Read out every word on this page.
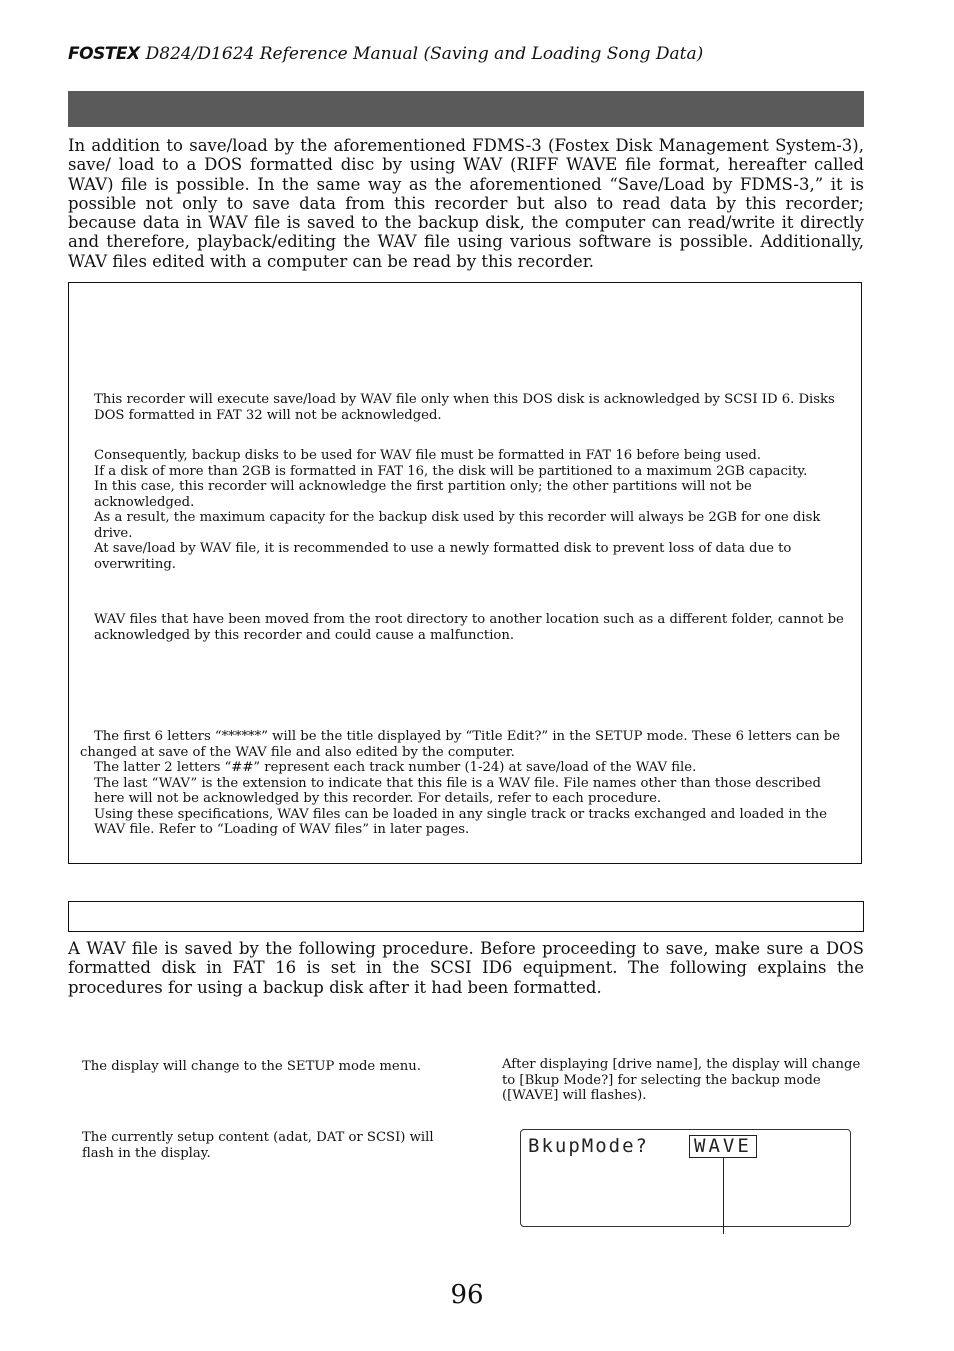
FOSTEX D824/D1624 Reference Manual (Saving and Loading Song Data)
In addition to save/load by the aforementioned FDMS-3 (Fostex Disk Management System-3), save/ load to a DOS formatted disc by using WAV (RIFF WAVE file format, hereafter called WAV) file is possible. In the same way as the aforementioned “Save/Load by FDMS-3,” it is possible not only to save data from this recorder but also to read data by this recorder; because data in WAV file is saved to the backup disk, the computer can read/write it directly and therefore, playback/editing the WAV file using various software is possible. Additionally, WAV files edited with a computer can be read by this recorder.
This recorder will execute save/load by WAV file only when this DOS disk is acknowledged by SCSI ID 6. Disks DOS formatted in FAT 32 will not be acknowledged.
Consequently, backup disks to be used for WAV file must be formatted in FAT 16 before being used.
If a disk of more than 2GB is formatted in FAT 16, the disk will be partitioned to a maximum 2GB capacity.
In this case, this recorder will acknowledge the first partition only; the other partitions will not be acknowledged.
As a result, the maximum capacity for the backup disk used by this recorder will always be 2GB for one disk drive.
At save/load by WAV file, it is recommended to use a newly formatted disk to prevent loss of data due to overwriting.
WAV files that have been moved from the root directory to another location such as a different folder, cannot be acknowledged by this recorder and could cause a malfunction.
The first 6 letters “******” will be the title displayed by “Title Edit?” in the SETUP mode. These 6 letters can be
changed at save of the WAV file and also edited by the computer.
The latter 2 letters “##” represent each track number (1-24) at save/load of the WAV file.
The last “WAV” is the extension to indicate that this file is a WAV file. File names other than those described here will not be acknowledged by this recorder. For details, refer to each procedure.
Using these specifications, WAV files can be loaded in any single track or tracks exchanged and loaded in the WAV file. Refer to “Loading of WAV files” in later pages.
A WAV file is saved by the following procedure. Before proceeding to save, make sure a DOS formatted disk in FAT 16 is set in the SCSI ID6 equipment. The following explains the procedures for using a backup disk after it had been formatted.
The display will change to the SETUP mode menu.
The currently setup content (adat, DAT or SCSI) will flash in the display.
After displaying [drive name], the display will change to [Bkup Mode?] for selecting the backup mode ([WAVE] will flashes).
BkupMode? WAVE
96
